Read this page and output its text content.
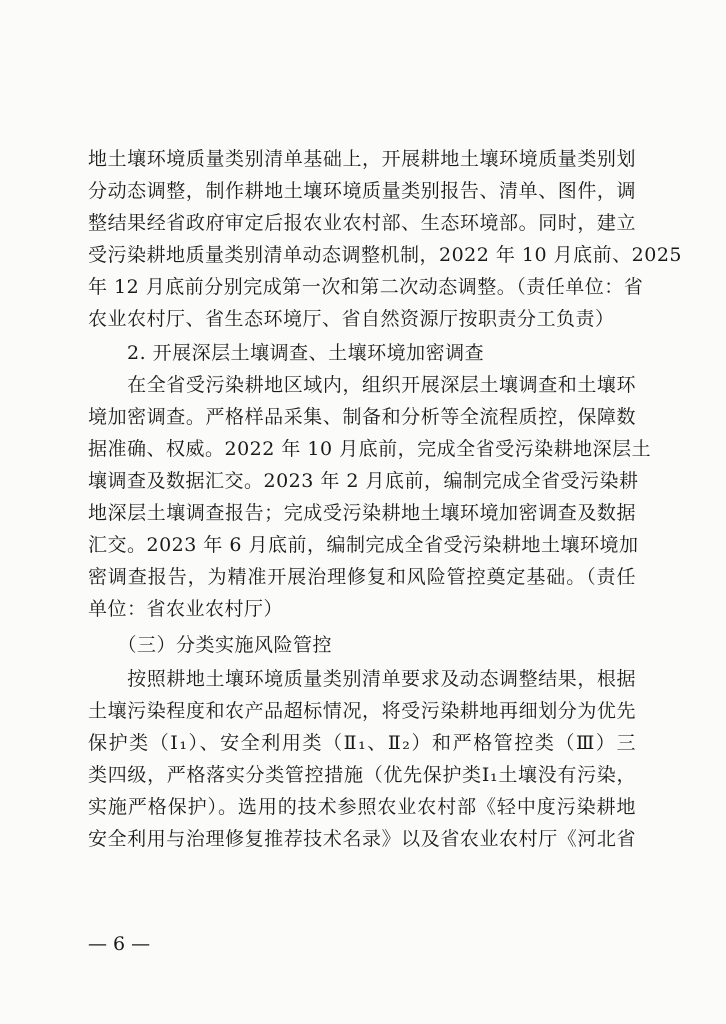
地土壤环境质量类别清单基础上，开展耕地土壤环境质量类别划
分动态调整，制作耕地土壤环境质量类别报告、清单、图件，调
整结果经省政府审定后报农业农村部、生态环境部。同时，建立
受污染耕地质量类别清单动态调整机制，2022 年 10 月底前、2025
年 12 月底前分别完成第一次和第二次动态调整。（责任单位：省
农业农村厅、省生态环境厅、省自然资源厅按职责分工负责）
　　2. 开展深层土壤调查、土壤环境加密调查
　　在全省受污染耕地区域内，组织开展深层土壤调查和土壤环
境加密调查。严格样品采集、制备和分析等全流程质控，保障数
据准确、权威。2022 年 10 月底前，完成全省受污染耕地深层土
壤调查及数据汇交。2023 年 2 月底前，编制完成全省受污染耕
地深层土壤调查报告；完成受污染耕地土壤环境加密调查及数据
汇交。2023 年 6 月底前，编制完成全省受污染耕地土壤环境加
密调查报告，为精准开展治理修复和风险管控奠定基础。（责任
单位：省农业农村厅）
　　（三）分类实施风险管控
　　按照耕地土壤环境质量类别清单要求及动态调整结果，根据
土壤污染程度和农产品超标情况，将受污染耕地再细划分为优先
保护类（Ⅰ₁）、安全利用类（Ⅱ₁、Ⅱ₂）和严格管控类（Ⅲ）三
类四级，严格落实分类管控措施（优先保护类Ⅰ₁土壤没有污染，
实施严格保护）。选用的技术参照农业农村部《轻中度污染耕地
安全利用与治理修复推荐技术名录》以及省农业农村厅《河北省
— 6 —
